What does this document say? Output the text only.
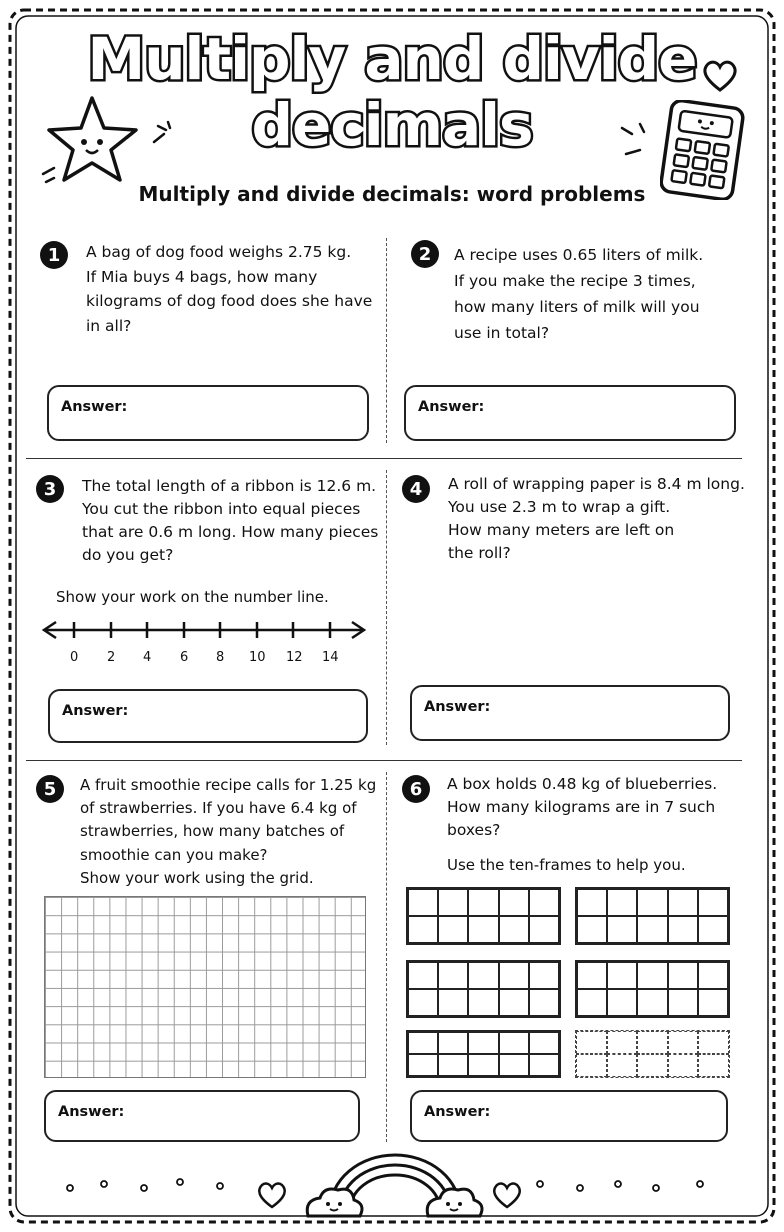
Multiply and divide
decimals
Multiply and divide decimals: word problems
1	A bag of dog food weighs 2.75 kg.
If Mia buys 4 bags, how many
kilograms of dog food does she have
in all?
Answer:
2	A recipe uses 0.65 liters of milk.
If you make the recipe 3 times,
how many liters of milk will you
use in total?
Answer:
3	The total length of a ribbon is 12.6 m.
You cut the ribbon into equal pieces
that are 0.6 m long. How many pieces
do you get?
Show your work on the number line.
0 2 4 6 8 10 12 14
Answer:
4	A roll of wrapping paper is 8.4 m long.
You use 2.3 m to wrap a gift.
How many meters are left on
the roll?
Answer:
5	A fruit smoothie recipe calls for 1.25 kg
of strawberries. If you have 6.4 kg of
strawberries, how many batches of
smoothie can you make?
Show your work using the grid.
Answer:
6	A box holds 0.48 kg of blueberries.
How many kilograms are in 7 such
boxes?
Use the ten-frames to help you.
Answer:
